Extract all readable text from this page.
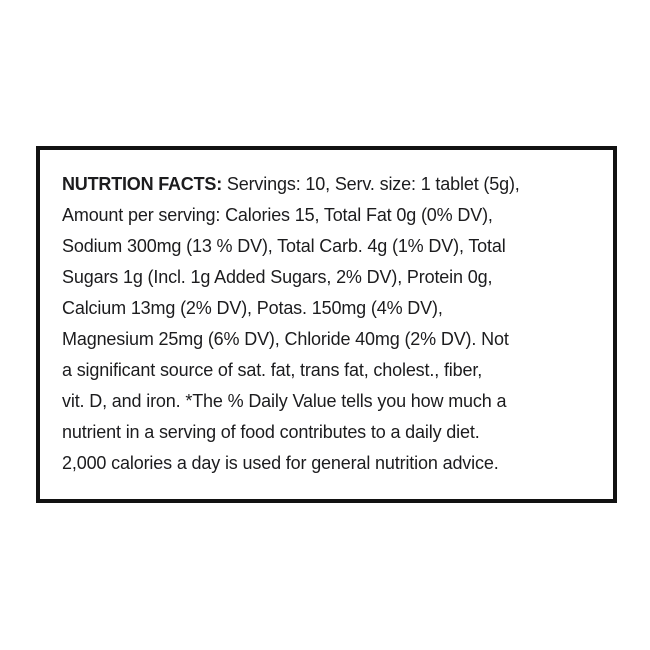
NUTRTION FACTS: Servings: 10, Serv. size: 1 tablet (5g),

Amount per serving: Calories 15, Total Fat 0g (0% DV),

Sodium 300mg (13 % DV), Total Carb. 4g (1% DV), Total

Sugars 1g (Incl. 1g Added Sugars, 2% DV), Protein 0g,

Calcium 13mg (2% DV), Potas. 150mg (4% DV),

Magnesium 25mg (6% DV), Chloride 40mg (2% DV). Not

a significant source of sat. fat, trans fat, cholest., fiber,

vit. D, and iron. *The % Daily Value tells you how much a

nutrient in a serving of food contributes to a daily diet.

2,000 calories a day is used for general nutrition advice.
